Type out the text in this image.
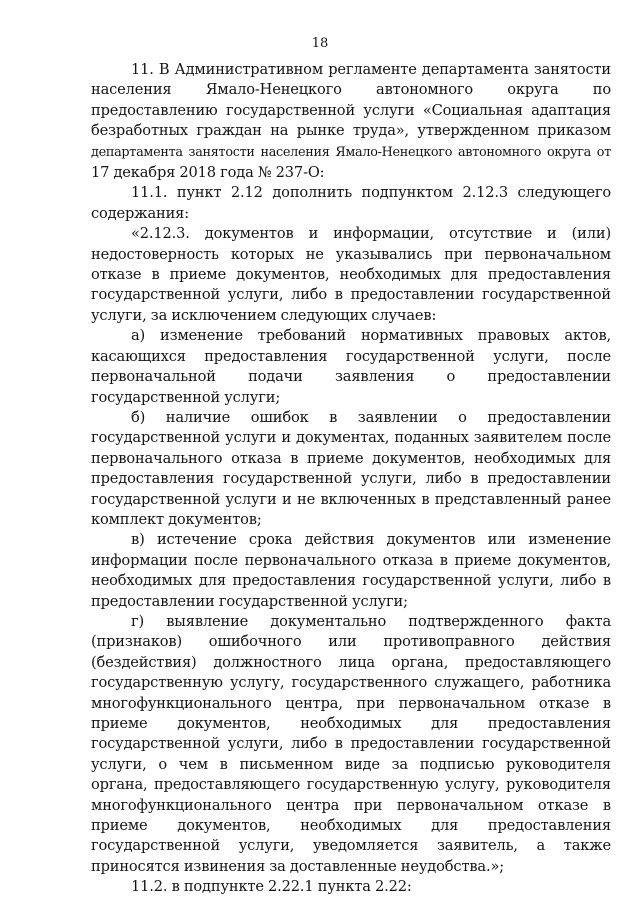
18

11. В Административном регламенте департамента занятости населения Ямало-Ненецкого автономного округа по предоставлению государственной услуги «Социальная адаптация безработных граждан на рынке труда», утвержденном приказом департамента занятости населения Ямало-Ненецкого автономного округа от 17 декабря 2018 года № 237-О:

11.1. пункт 2.12 дополнить подпунктом 2.12.3 следующего содержания:

«2.12.3. документов и информации, отсутствие и (или) недостоверность которых не указывались при первоначальном отказе в приеме документов, необходимых для предоставления государственной услуги, либо в предоставлении государственной услуги, за исключением следующих случаев:

а) изменение требований нормативных правовых актов, касающихся предоставления государственной услуги, после первоначальной подачи заявления о предоставлении государственной услуги;

б) наличие ошибок в заявлении о предоставлении государственной услуги и документах, поданных заявителем после первоначального отказа в приеме документов, необходимых для предоставления государственной услуги, либо в предоставлении государственной услуги и не включенных в представленный ранее комплект документов;

в) истечение срока действия документов или изменение информации после первоначального отказа в приеме документов, необходимых для предоставления государственной услуги, либо в предоставлении государственной услуги;

г) выявление документально подтвержденного факта (признаков) ошибочного или противоправного действия (бездействия) должностного лица органа, предоставляющего государственную услугу, государственного служащего, работника многофункционального центра, при первоначальном отказе в приеме документов, необходимых для предоставления государственной услуги, либо в предоставлении государственной услуги, о чем в письменном виде за подписью руководителя органа, предоставляющего государственную услугу, руководителя многофункционального центра при первоначальном отказе в приеме документов, необходимых для предоставления государственной услуги, уведомляется заявитель, а также приносятся извинения за доставленные неудобства.»;

11.2. в подпункте 2.22.1 пункта 2.22:
